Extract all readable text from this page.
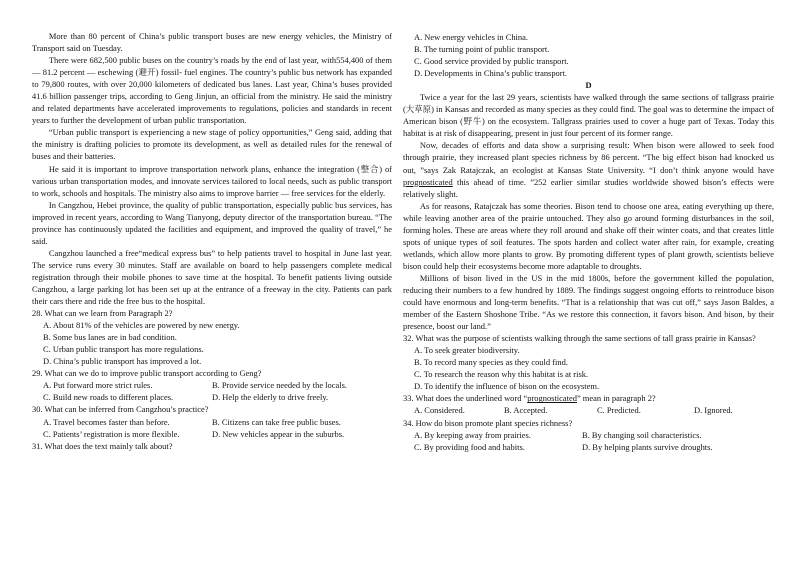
More than 80 percent of China’s public transport buses are new energy vehicles, the Ministry of Transport said on Tuesday.

There were 682,500 public buses on the country’s roads by the end of last year, with554,400 of them — 81.2 percent — eschewing (避开) fossil- fuel engines. The country’s public bus network has expanded to 79,800 routes, with over 20,000 kilometers of dedicated bus lanes. Last year, China’s buses provided 41.6 billion passenger trips, according to Geng Jinjun, an official from the ministry. He said the ministry and related departments have accelerated improvements to regulations, policies and standards in recent years to further the development of urban public transportation.

“Urban public transport is experiencing a new stage of policy opportunities,” Geng said, adding that the ministry is drafting policies to promote its development, as well as detailed rules for the renewal of buses and their batteries.

He said it is important to improve transportation network plans, enhance the integration (整合) of various urban transportation modes, and innovate services tailored to local needs, such as public transport to work, schools and hospitals. The ministry also aims to improve barrier — free services for the elderly.

In Cangzhou, Hebei province, the quality of public transportation, especially public bus services, has improved in recent years, according to Wang Tianyong, deputy director of the transportation bureau. “The province has continuously updated the facilities and equipment, and improved the quality of travel,” he said.

Cangzhou launched a free“medical express bus” to help patients travel to hospital in June last year. The service runs every 30 minutes. Staff are available on board to help passengers complete medical registration through their mobile phones to save time at the hospital. To benefit patients living outside Cangzhou, a large parking lot has been set up at the entrance of a freeway in the city. Patients can park their cars there and ride the free bus to the hospital.

28. What can we learn from Paragraph 2?

A. About 81% of the vehicles are powered by new energy.

B. Some bus lanes are in bad condition.

C. Urban public transport has more regulations.

D. China’s public transport has improved a lot.

29. What can we do to improve public transport according to Geng?

A. Put forward more strict rules.	B. Provide service needed by the locals.
C. Build new roads to different places.	D. Help the elderly to drive freely.

30. What can be inferred from Cangzhou’s practice?

A. Travel becomes faster than before.	B. Citizens can take free public buses.
C. Patients’ registration is more flexible.	D. New vehicles appear in the suburbs.

31. What does the text mainly talk about?

A. New energy vehicles in China.

B. The turning point of public transport.

C. Good service provided by public transport.

D. Developments in China’s public transport.

D

Twice a year for the last 29 years, scientists have walked through the same sections of tallgrass prairie (大草原) in Kansas and recorded as many species as they could find. The goal was to determine the impact of American bison (野牛) on the ecosystem. Tallgrass prairies used to cover a huge part of Texas. Today this habitat is at risk of disappearing, present in just four percent of its former range.

Now, decades of efforts and data show a surprising result: When bison were allowed to seek food through prairie, they increased plant species richness by 86 percent. “The big effect bison had knocked us out, ”says Zak Ratajczak, an ecologist at Kansas State University. “I don’t think anyone would have prognosticated this ahead of time. ”252 earlier similar studies worldwide showed bison’s effects were relatively slight.

As for reasons, Ratajczak has some theories. Bison tend to choose one area, eating everything up there, while leaving another area of the prairie untouched. They also go around forming disturbances in the soil, forming holes. These are areas where they roll around and shake off their winter coats, and that creates little spots of unique types of soil features. The spots harden and collect water after rain, for example, creating wetlands, which allow more plants to grow. By promoting different types of plant growth, scientists believe bison could help their ecosystems become more adaptable to droughts.

Millions of bison lived in the US in the mid 1800s, before the government killed the population, reducing their numbers to a few hundred by 1889. The findings suggest ongoing efforts to reintroduce bison could have enormous and long-term benefits. “That is a relationship that was cut off,” says Jason Baldes, a member of the Eastern Shoshone Tribe. “As we restore this connection, it favors bison. And bison, by their presence, boost our land.”

32. What was the purpose of scientists walking through the same sections of tall grass prairie in Kansas?

A. To seek greater biodiversity.

B. To record many species as they could find.

C. To research the reason why this habitat is at risk.

D. To identify the influence of bison on the ecosystem.

33. What does the underlined word “prognosticated” mean in paragraph 2?

A. Considered.	B. Accepted.	C. Predicted.	D. Ignored.

34. How do bison promote plant species richness?

A. By keeping away from prairies.	B. By changing soil characteristics.
C. By providing food and habits.	D. By helping plants survive droughts.
